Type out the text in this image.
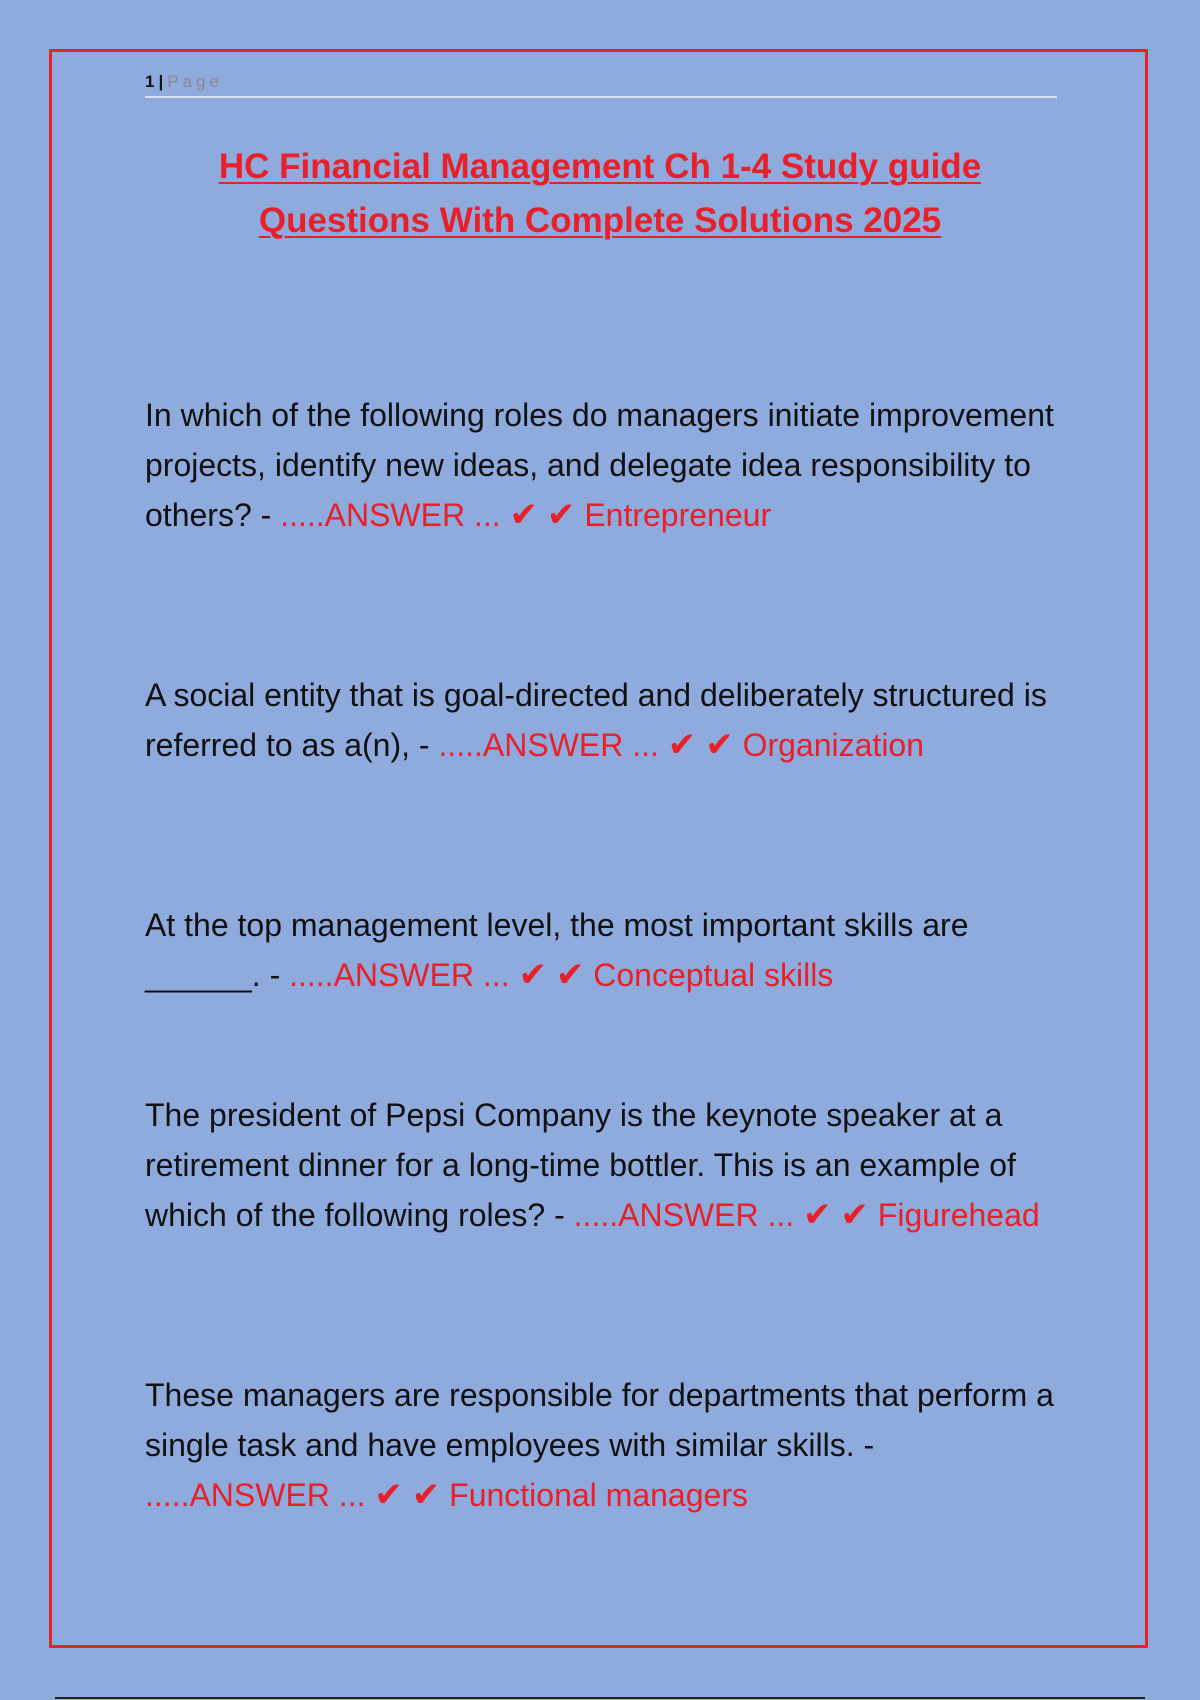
1 | Page
HC Financial Management Ch 1-4 Study guide
Questions With Complete Solutions 2025
In which of the following roles do managers initiate improvement projects, identify new ideas, and delegate idea responsibility to others? - .....ANSWER ... ✔ ✔ Entrepreneur
A social entity that is goal-directed and deliberately structured is referred to as a(n), - .....ANSWER ... ✔ ✔ Organization
At the top management level, the most important skills are ______. - .....ANSWER ... ✔ ✔ Conceptual skills
The president of Pepsi Company is the keynote speaker at a retirement dinner for a long-time bottler. This is an example of which of the following roles? - .....ANSWER ... ✔ ✔ Figurehead
These managers are responsible for departments that perform a single task and have employees with similar skills. - .....ANSWER ... ✔ ✔ Functional managers
